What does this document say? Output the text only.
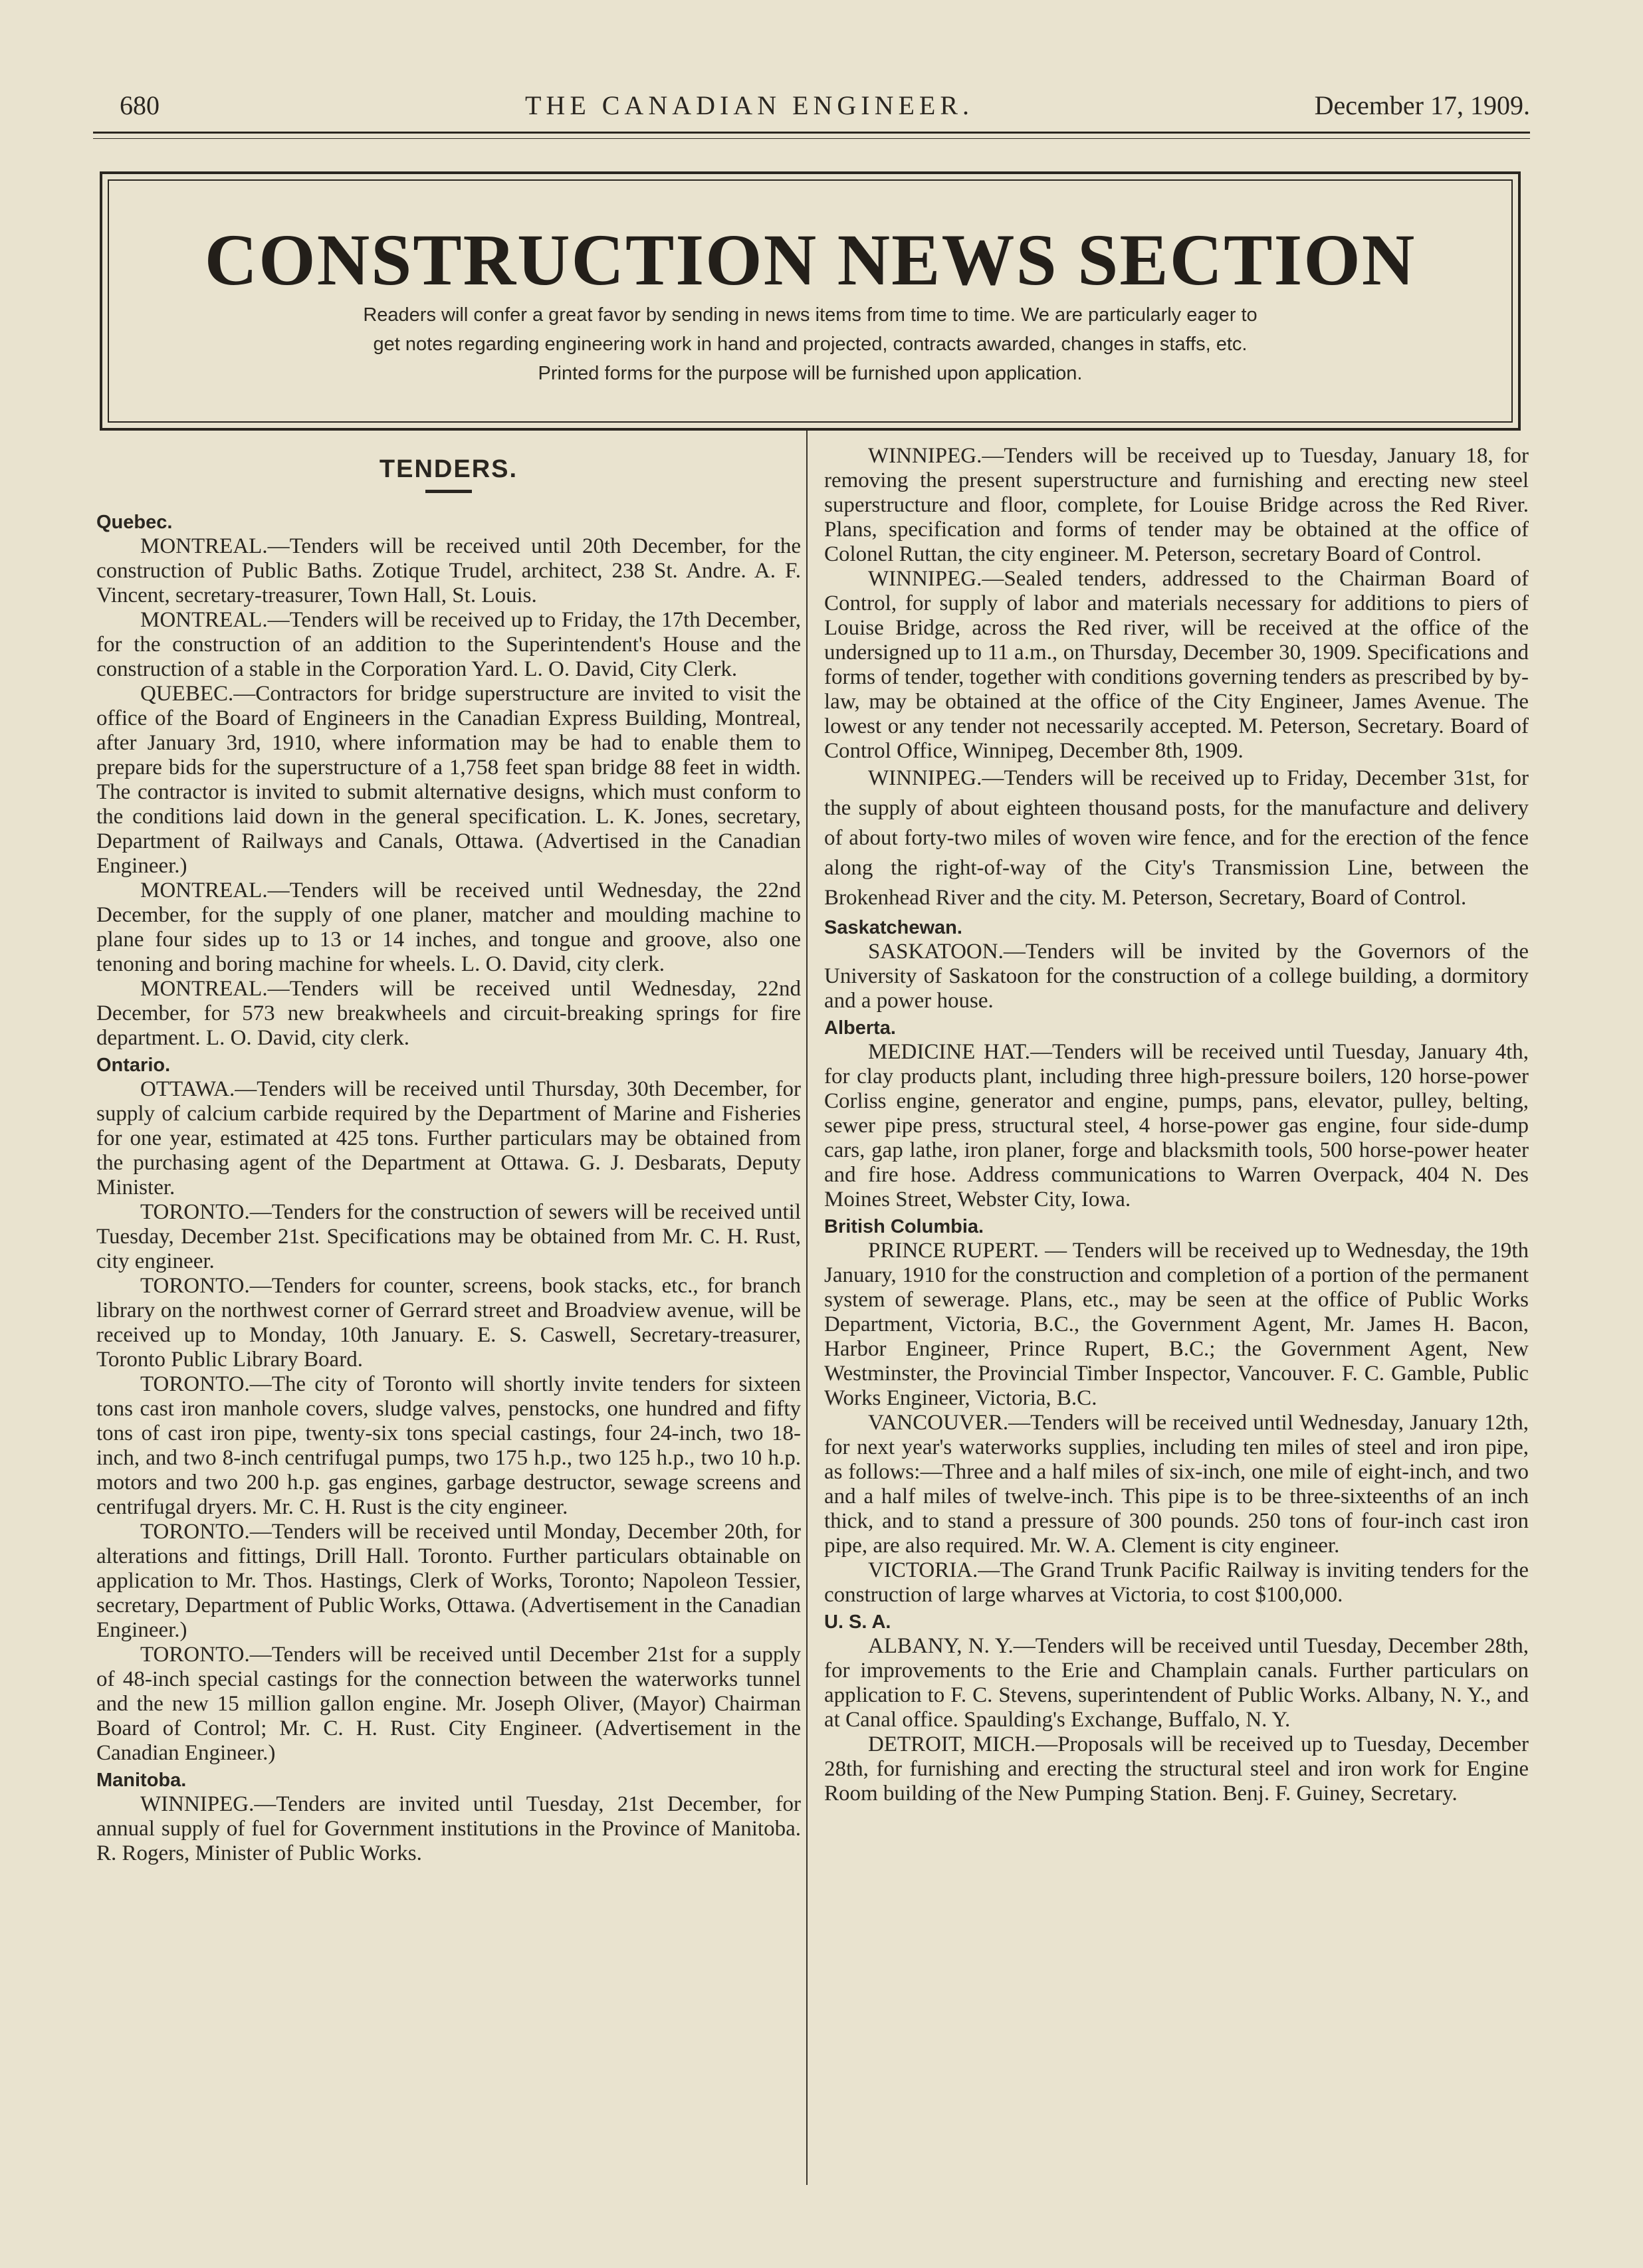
680	THE CANADIAN ENGINEER.	December 17, 1909.
CONSTRUCTION NEWS SECTION
Readers will confer a great favor by sending in news items from time to time. We are particularly eager to
get notes regarding engineering work in hand and projected, contracts awarded, changes in staffs, etc.
Printed forms for the purpose will be furnished upon application.
TENDERS.
Quebec.

MONTREAL.—Tenders will be received until 20th December, for the construction of Public Baths. Zotique Trudel, architect, 238 St. Andre. A. F. Vincent, secretary-treasurer, Town Hall, St. Louis.

MONTREAL.—Tenders will be received up to Friday, the 17th December, for the construction of an addition to the Superintendent's House and the construction of a stable in the Corporation Yard. L. O. David, City Clerk.

QUEBEC.—Contractors for bridge superstructure are invited to visit the office of the Board of Engineers in the Canadian Express Building, Montreal, after January 3rd, 1910, where information may be had to enable them to prepare bids for the superstructure of a 1,758 feet span bridge 88 feet in width. The contractor is invited to submit alternative designs, which must conform to the conditions laid down in the general specification. L. K. Jones, secretary, Department of Railways and Canals, Ottawa. (Advertised in the Canadian Engineer.)

MONTREAL.—Tenders will be received until Wednesday, the 22nd December, for the supply of one planer, matcher and moulding machine to plane four sides up to 13 or 14 inches, and tongue and groove, also one tenoning and boring machine for wheels. L. O. David, city clerk.

MONTREAL.—Tenders will be received until Wednesday, 22nd December, for 573 new breakwheels and circuit-breaking springs for fire department. L. O. David, city clerk.

Ontario.

OTTAWA.—Tenders will be received until Thursday, 30th December, for supply of calcium carbide required by the Department of Marine and Fisheries for one year, estimated at 425 tons. Further particulars may be obtained from the purchasing agent of the Department at Ottawa. G. J. Desbarats, Deputy Minister.

TORONTO.—Tenders for the construction of sewers will be received until Tuesday, December 21st. Specifications may be obtained from Mr. C. H. Rust, city engineer.

TORONTO.—Tenders for counter, screens, book stacks, etc., for branch library on the northwest corner of Gerrard street and Broadview avenue, will be received up to Monday, 10th January. E. S. Caswell, Secretary-treasurer, Toronto Public Library Board.

TORONTO.—The city of Toronto will shortly invite tenders for sixteen tons cast iron manhole covers, sludge valves, penstocks, one hundred and fifty tons of cast iron pipe, twenty-six tons special castings, four 24-inch, two 18-inch, and two 8-inch centrifugal pumps, two 175 h.p., two 125 h.p., two 10 h.p. motors and two 200 h.p. gas engines, garbage destructor, sewage screens and centrifugal dryers. Mr. C. H. Rust is the city engineer.

TORONTO.—Tenders will be received until Monday, December 20th, for alterations and fittings, Drill Hall. Toronto. Further particulars obtainable on application to Mr. Thos. Hastings, Clerk of Works, Toronto; Napoleon Tessier, secretary, Department of Public Works, Ottawa. (Advertisement in the Canadian Engineer.)

TORONTO.—Tenders will be received until December 21st for a supply of 48-inch special castings for the connection between the waterworks tunnel and the new 15 million gallon engine. Mr. Joseph Oliver, (Mayor) Chairman Board of Control; Mr. C. H. Rust. City Engineer. (Advertisement in the Canadian Engineer.)

Manitoba.

WINNIPEG.—Tenders are invited until Tuesday, 21st December, for annual supply of fuel for Government institutions in the Province of Manitoba. R. Rogers, Minister of Public Works.

WINNIPEG.—Tenders will be received up to Tuesday, January 18, for removing the present superstructure and furnishing and erecting new steel superstructure and floor, complete, for Louise Bridge across the Red River. Plans, specification and forms of tender may be obtained at the office of Colonel Ruttan, the city engineer. M. Peterson, secretary Board of Control.

WINNIPEG.—Sealed tenders, addressed to the Chairman Board of Control, for supply of labor and materials necessary for additions to piers of Louise Bridge, across the Red river, will be received at the office of the undersigned up to 11 a.m., on Thursday, December 30, 1909. Specifications and forms of tender, together with conditions governing tenders as prescribed by by-law, may be obtained at the office of the City Engineer, James Avenue. The lowest or any tender not necessarily accepted. M. Peterson, Secretary. Board of Control Office, Winnipeg, December 8th, 1909.

WINNIPEG.—Tenders will be received up to Friday, December 31st, for the supply of about eighteen thousand posts, for the manufacture and delivery of about forty-two miles of woven wire fence, and for the erection of the fence along the right-of-way of the City's Transmission Line, between the Brokenhead River and the city. M. Peterson, Secretary, Board of Control.

Saskatchewan.

SASKATOON.—Tenders will be invited by the Governors of the University of Saskatoon for the construction of a college building, a dormitory and a power house.

Alberta.

MEDICINE HAT.—Tenders will be received until Tuesday, January 4th, for clay products plant, including three high-pressure boilers, 120 horse-power Corliss engine, generator and engine, pumps, pans, elevator, pulley, belting, sewer pipe press, structural steel, 4 horse-power gas engine, four side-dump cars, gap lathe, iron planer, forge and blacksmith tools, 500 horse-power heater and fire hose. Address communications to Warren Overpack, 404 N. Des Moines Street, Webster City, Iowa.

British Columbia.

PRINCE RUPERT. — Tenders will be received up to Wednesday, the 19th January, 1910 for the construction and completion of a portion of the permanent system of sewerage. Plans, etc., may be seen at the office of Public Works Department, Victoria, B.C., the Government Agent, Mr. James H. Bacon, Harbor Engineer, Prince Rupert, B.C.; the Government Agent, New Westminster, the Provincial Timber Inspector, Vancouver. F. C. Gamble, Public Works Engineer, Victoria, B.C.

VANCOUVER.—Tenders will be received until Wednesday, January 12th, for next year's waterworks supplies, including ten miles of steel and iron pipe, as follows:—Three and a half miles of six-inch, one mile of eight-inch, and two and a half miles of twelve-inch. This pipe is to be three-sixteenths of an inch thick, and to stand a pressure of 300 pounds. 250 tons of four-inch cast iron pipe, are also required. Mr. W. A. Clement is city engineer.

VICTORIA.—The Grand Trunk Pacific Railway is inviting tenders for the construction of large wharves at Victoria, to cost $100,000.

U. S. A.

ALBANY, N. Y.—Tenders will be received until Tuesday, December 28th, for improvements to the Erie and Champlain canals. Further particulars on application to F. C. Stevens, superintendent of Public Works. Albany, N. Y., and at Canal office. Spaulding's Exchange, Buffalo, N. Y.

DETROIT, MICH.—Proposals will be received up to Tuesday, December 28th, for furnishing and erecting the structural steel and iron work for Engine Room building of the New Pumping Station. Benj. F. Guiney, Secretary.
